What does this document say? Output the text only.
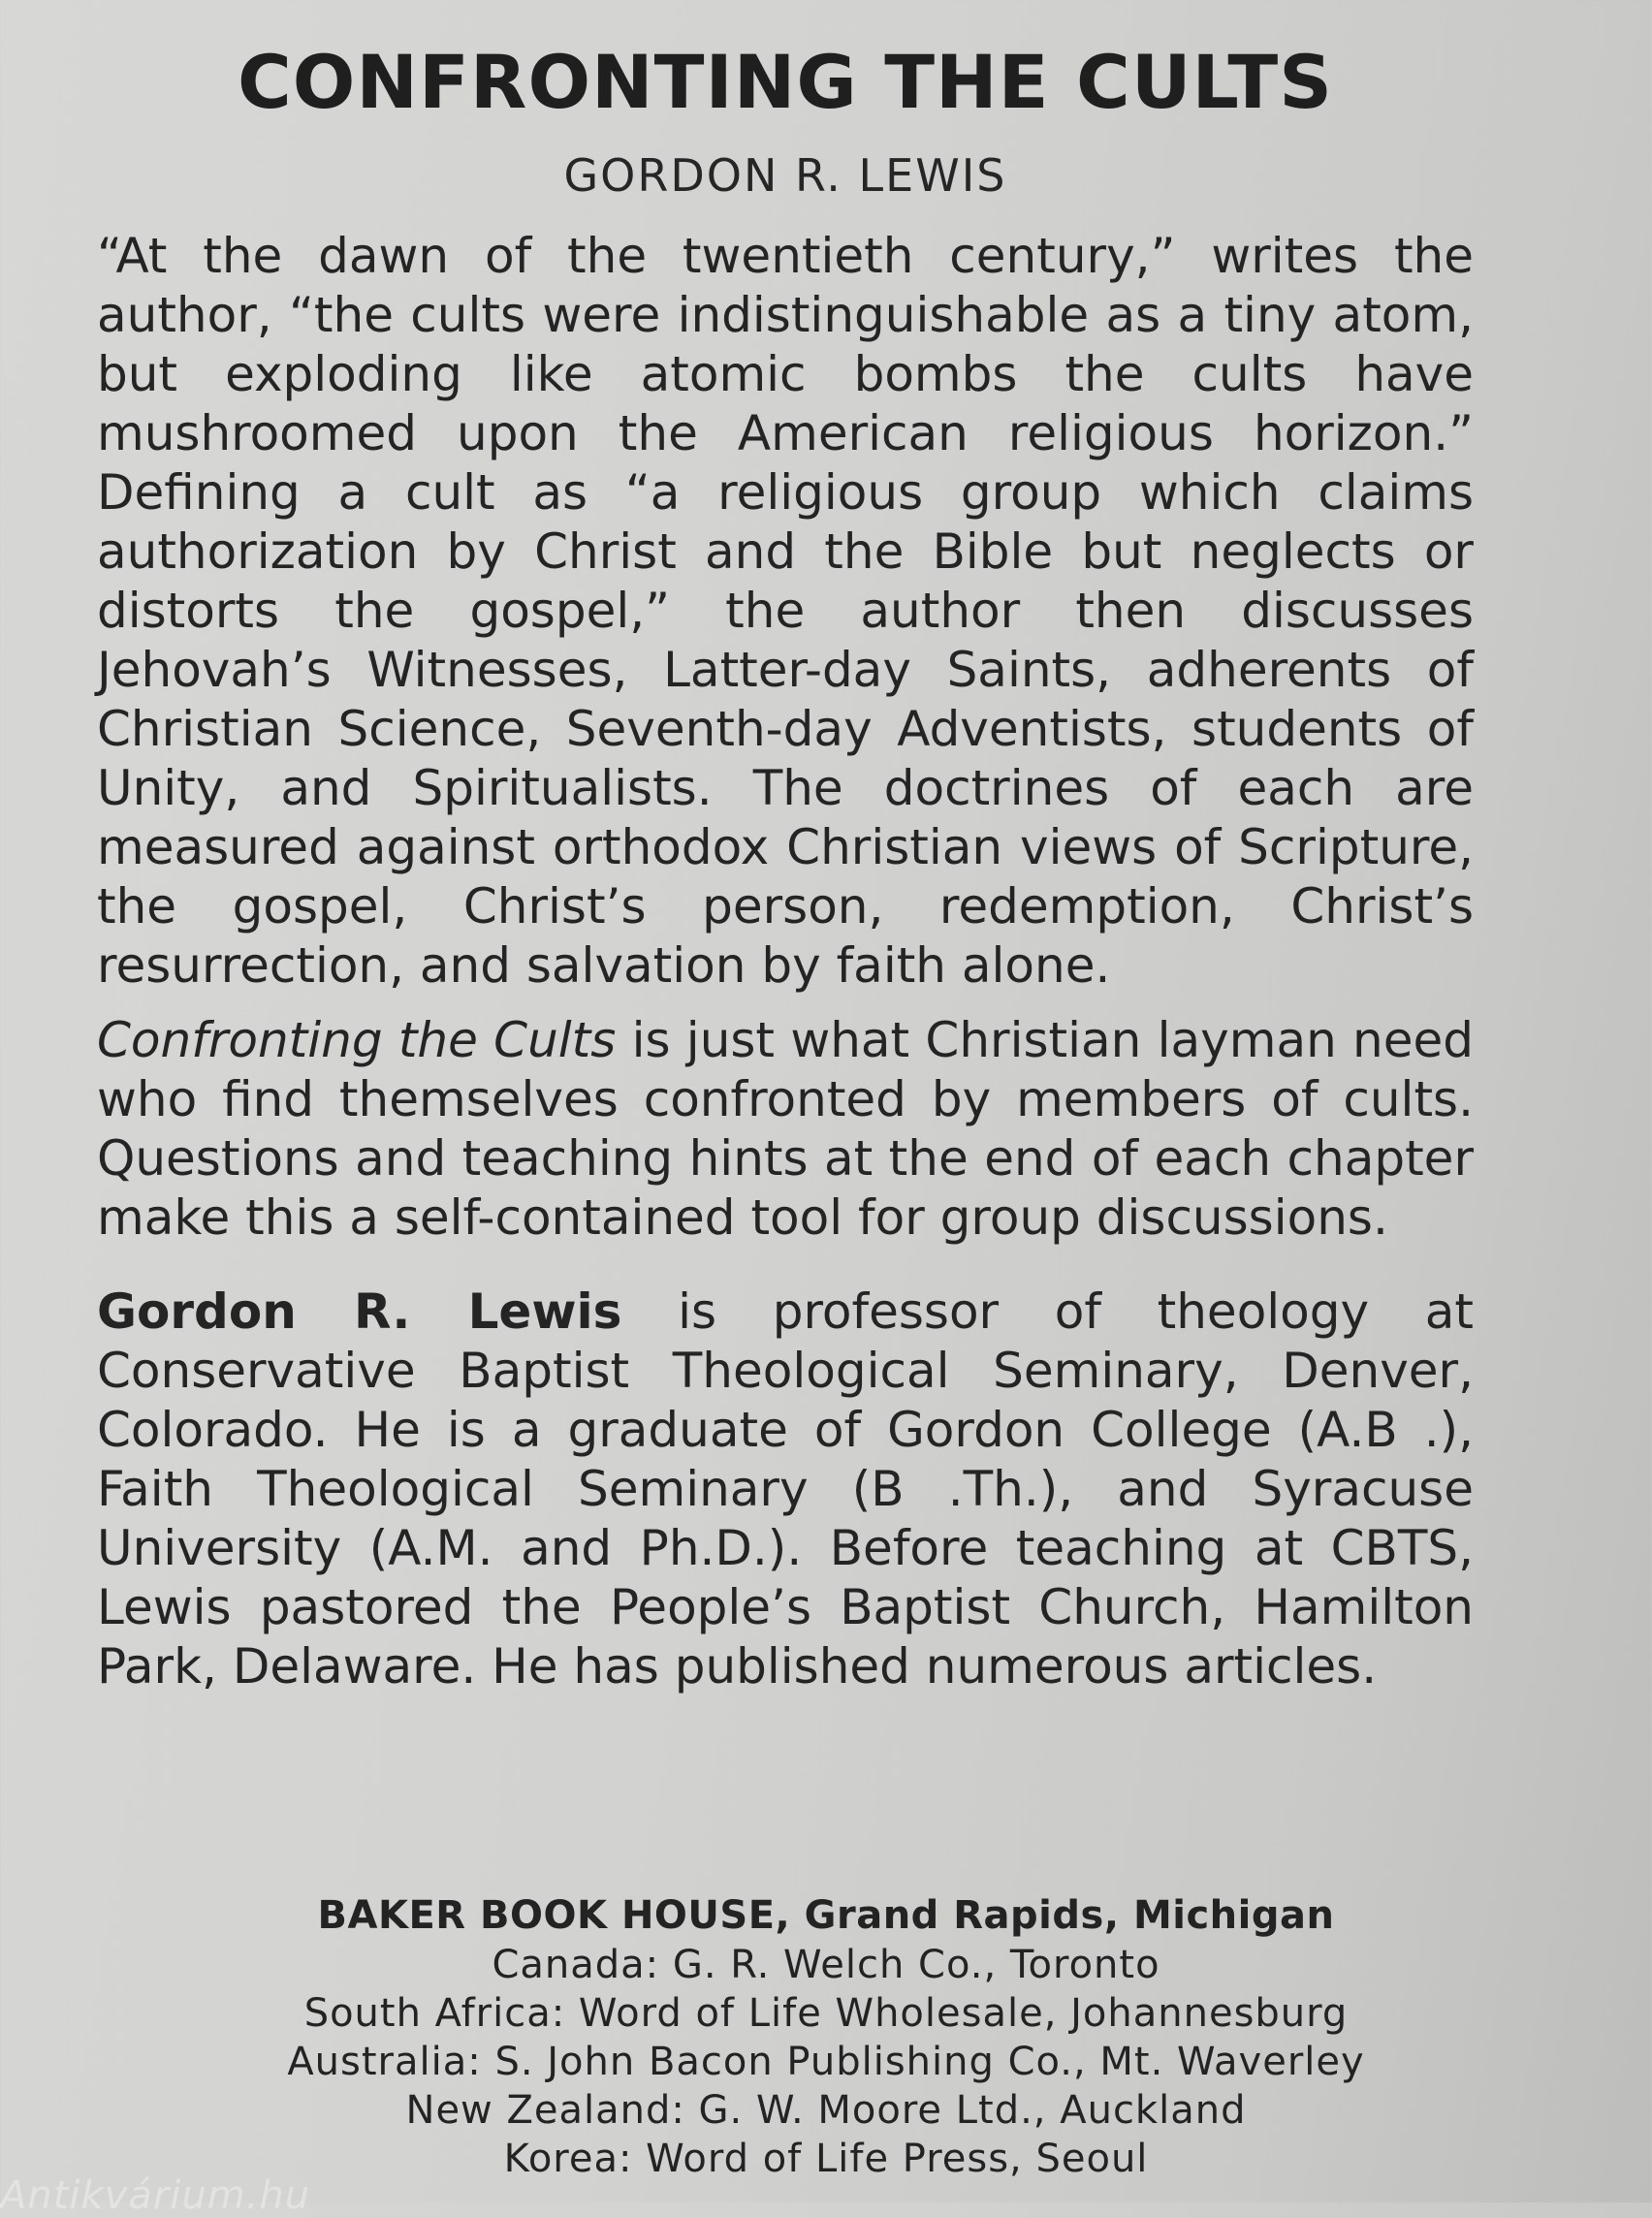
CONFRONTING THE CULTS
GORDON R. LEWIS

“At the dawn of the twentieth century,” writes the author, “the cults were indistinguishable as a tiny atom, but exploding like atomic bombs the cults have mushroomed upon the American religious horizon.” Defining a cult as “a religious group which claims authorization by Christ and the Bible but neglects or distorts the gospel,” the author then discusses Jehovah’s Witnesses, Latter-day Saints, adherents of Christian Science, Seventh-day Adventists, students of Unity, and Spiritualists. The doctrines of each are measured against orthodox Christian views of Scripture, the gospel, Christ’s person, redemption, Christ’s resurrection, and salvation by faith alone.

Confronting the Cults is just what Christian layman need who find themselves confronted by members of cults. Questions and teaching hints at the end of each chapter make this a self-contained tool for group discussions.

Gordon R. Lewis is professor of theology at Conservative Baptist Theological Seminary, Denver, Colorado. He is a graduate of Gordon College (A.B .), Faith Theological Seminary (B .Th.), and Syracuse University (A.M. and Ph.D.). Before teaching at CBTS, Lewis pastored the People’s Baptist Church, Hamilton Park, Delaware. He has published numerous articles.

BAKER BOOK HOUSE, Grand Rapids, Michigan
Canada: G. R. Welch Co., Toronto
South Africa: Word of Life Wholesale, Johannesburg
Australia: S. John Bacon Publishing Co., Mt. Waverley
New Zealand: G. W. Moore Ltd., Auckland
Korea: Word of Life Press, Seoul
Antikvárium.hu
